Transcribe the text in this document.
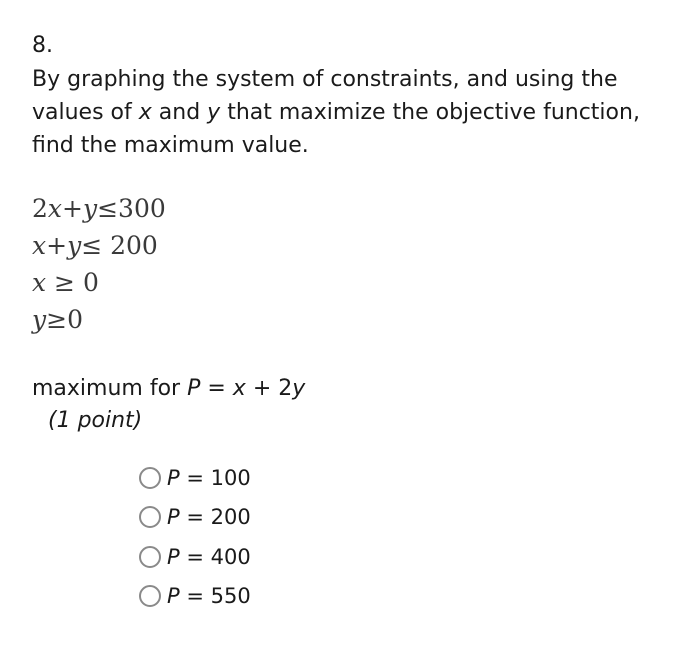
8.
By graphing the system of constraints, and using the values of x and y that maximize the objective function, find the maximum value.
2x+y≤300
x+y≤ 200
x ≥ 0
y≥0
maximum for P = x + 2y
(1 point)
P = 100
P = 200
P = 400
P = 550
